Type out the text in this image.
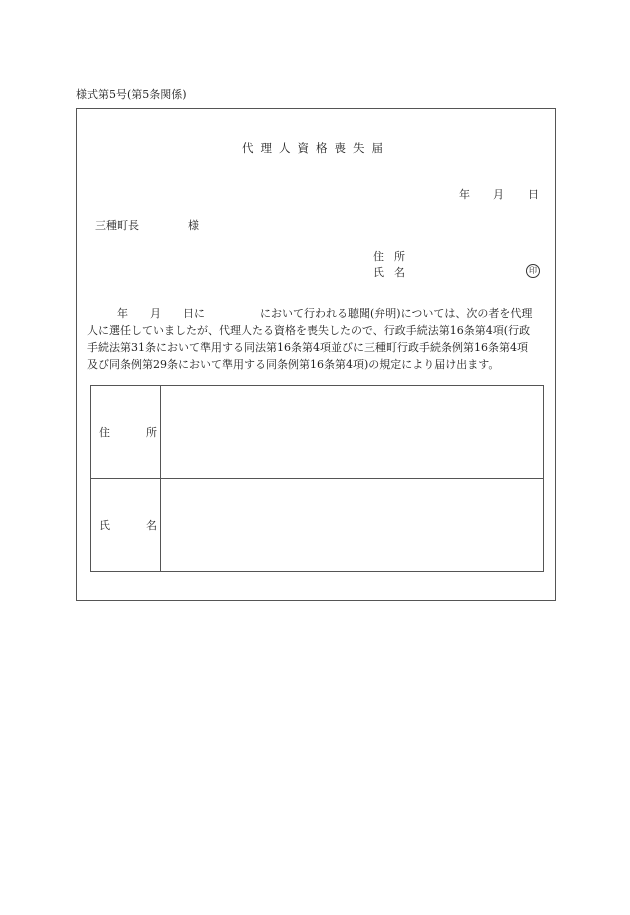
様式第5号(第5条関係)
代理人資格喪失届
年 月 日
三種町長	様
住所
氏名	印

年　　月　　日に　　　　　において行われる聴聞(弁明)については、次の者を代理
人に選任していましたが、代理人たる資格を喪失したので、行政手続法第16条第4項(行政
手続法第31条において準用する同法第16条第4項並びに三種町行政手続条例第16条第4項
及び同条例第29条において準用する同条例第16条第4項)の規定により届け出ます。

住	所
氏	名
